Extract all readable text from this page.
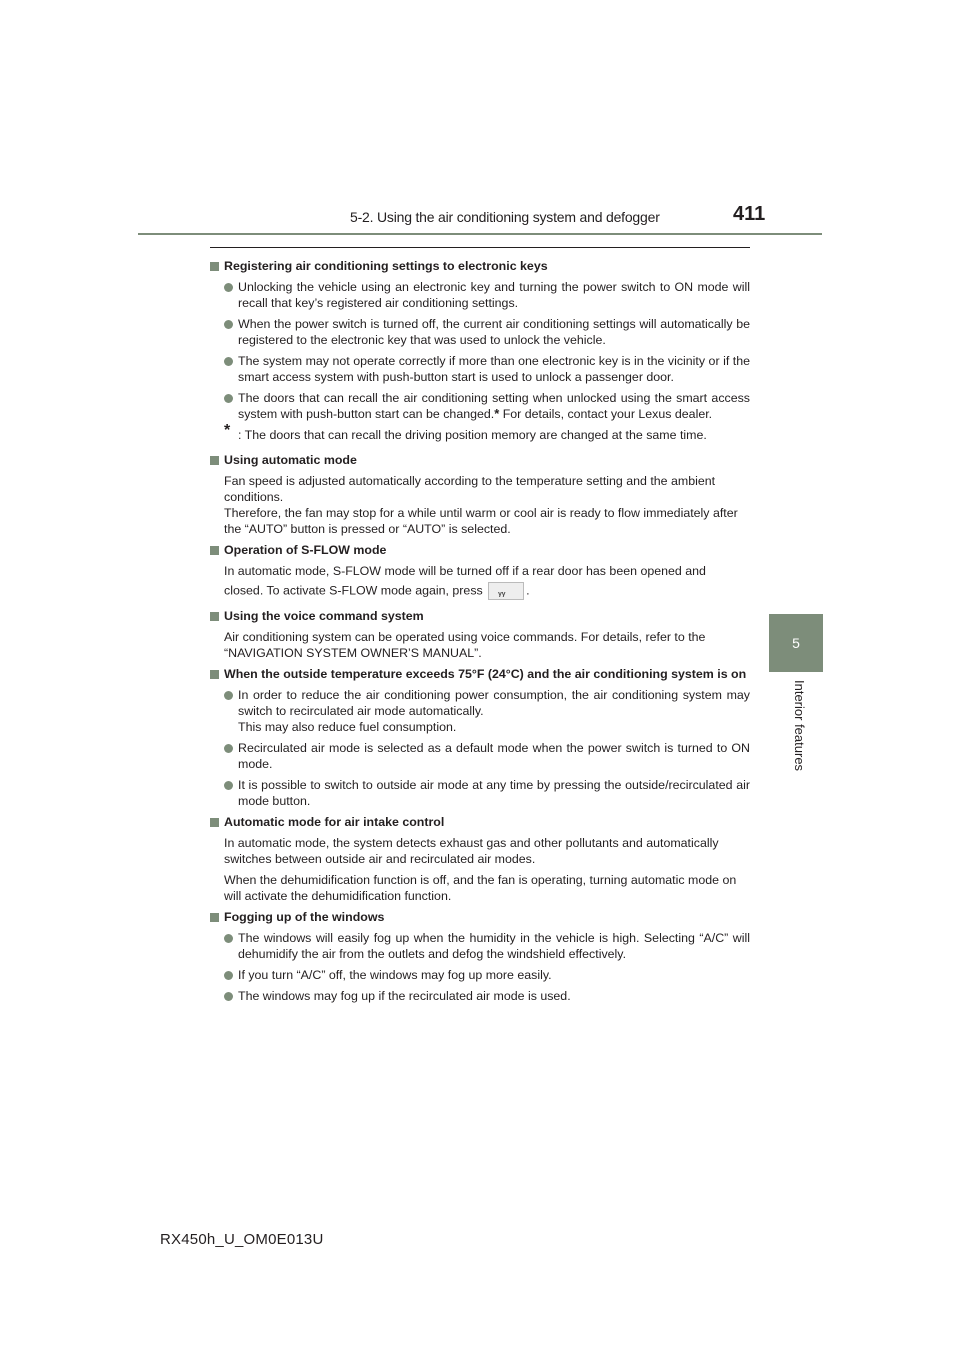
5-2. Using the air conditioning system and defogger	411
5
Interior features
Registering air conditioning settings to electronic keys
Unlocking the vehicle using an electronic key and turning the power switch to ON mode will recall that key’s registered air conditioning settings.
When the power switch is turned off, the current air conditioning settings will automatically be registered to the electronic key that was used to unlock the vehicle.
The system may not operate correctly if more than one electronic key is in the vicinity or if the smart access system with push-button start is used to unlock a passenger door.
The doors that can recall the air conditioning setting when unlocked using the smart access system with push-button start can be changed.* For details, contact your Lexus dealer.
* : The doors that can recall the driving position memory are changed at the same time.
Using automatic mode
Fan speed is adjusted automatically according to the temperature setting and the ambient conditions.
Therefore, the fan may stop for a while until warm or cool air is ready to flow immediately after the “AUTO” button is pressed or “AUTO” is selected.
Operation of S-FLOW mode
In automatic mode, S-FLOW mode will be turned off if a rear door has been opened and
closed. To activate S-FLOW mode again, press ᵧᵧ .
Using the voice command system
Air conditioning system can be operated using voice commands. For details, refer to the “NAVIGATION SYSTEM OWNER’S MANUAL”.
When the outside temperature exceeds 75°F (24°C) and the air conditioning system is on
In order to reduce the air conditioning power consumption, the air conditioning system may switch to recirculated air mode automatically.
This may also reduce fuel consumption.
Recirculated air mode is selected as a default mode when the power switch is turned to ON mode.
It is possible to switch to outside air mode at any time by pressing the outside/recirculated air mode button.
Automatic mode for air intake control
In automatic mode, the system detects exhaust gas and other pollutants and automatically switches between outside air and recirculated air modes.
When the dehumidification function is off, and the fan is operating, turning automatic mode on will activate the dehumidification function.
Fogging up of the windows
The windows will easily fog up when the humidity in the vehicle is high. Selecting “A/C” will dehumidify the air from the outlets and defog the windshield effectively.
If you turn “A/C” off, the windows may fog up more easily.
The windows may fog up if the recirculated air mode is used.
RX450h_U_OM0E013U
